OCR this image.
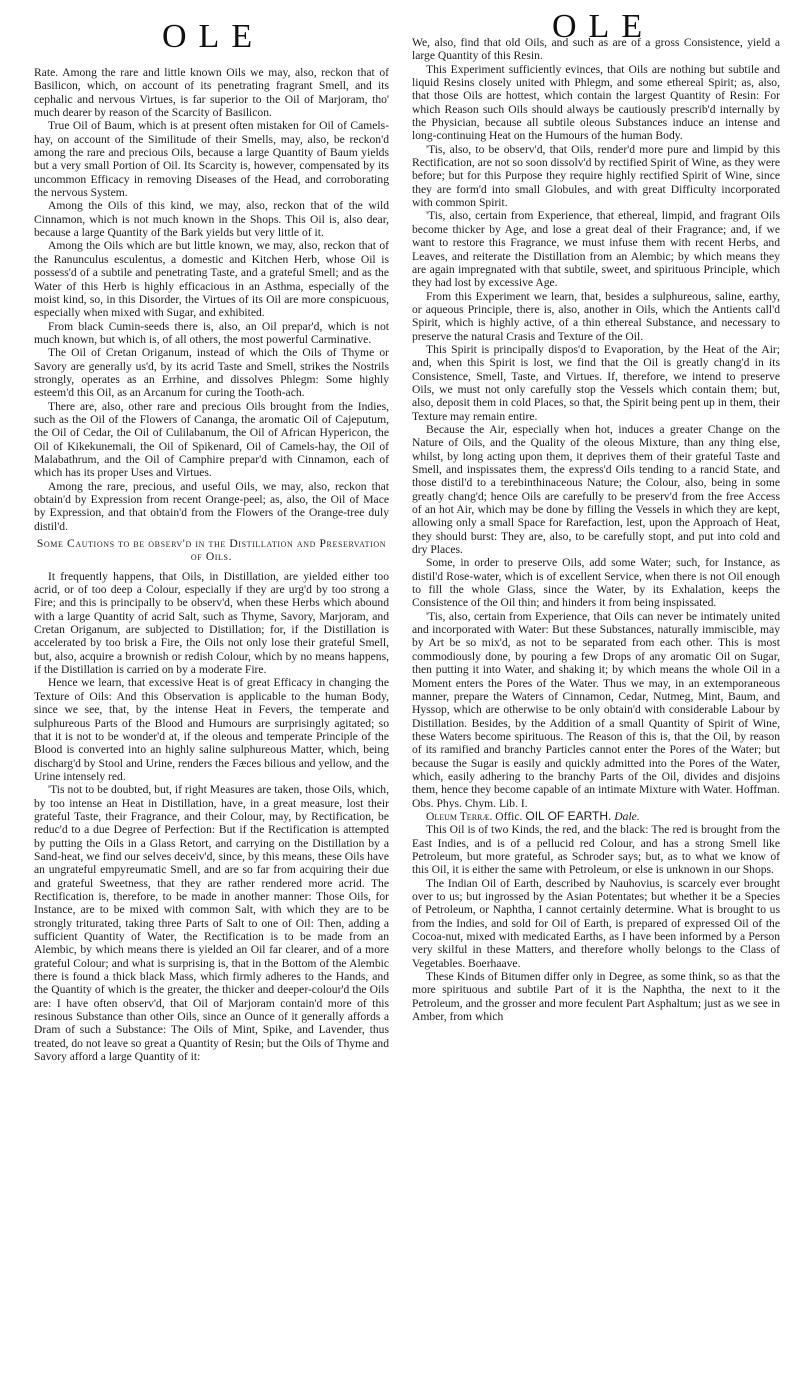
OLE	OLE

Rate. Among the rare and little known Oils we may, also, reckon that of Basilicon, which, on account of its penetrating fragrant Smell, and its cephalic and nervous Virtues, is far superior to the Oil of Marjoram, tho' much dearer by reason of the Scarcity of Basilicon.

True Oil of Baum, which is at present often mistaken for Oil of Camels-hay, on account of the Similitude of their Smells, may, also, be reckon'd among the rare and precious Oils, because a large Quantity of Baum yields but a very small Portion of Oil. Its Scarcity is, however, compensated by its uncommon Efficacy in removing Diseases of the Head, and corroborating the nervous System.

Among the Oils of this kind, we may, also, reckon that of the wild Cinnamon, which is not much known in the Shops. This Oil is, also dear, because a large Quantity of the Bark yields but very little of it.

Among the Oils which are but little known, we may, also, reckon that of the Ranunculus esculentus, a domestic and Kitchen Herb, whose Oil is possess'd of a subtile and penetrating Taste, and a grateful Smell; and as the Water of this Herb is highly efficacious in an Asthma, especially of the moist kind, so, in this Disorder, the Virtues of its Oil are more conspicuous, especially when mixed with Sugar, and exhibited.

From black Cumin-seeds there is, also, an Oil prepar'd, which is not much known, but which is, of all others, the most powerful Carminative.

The Oil of Cretan Origanum, instead of which the Oils of Thyme or Savory are generally us'd, by its acrid Taste and Smell, strikes the Nostrils strongly, operates as an Errhine, and dissolves Phlegm: Some highly esteem'd this Oil, as an Arcanum for curing the Tooth-ach.

There are, also, other rare and precious Oils brought from the Indies, such as the Oil of the Flowers of Cananga, the aromatic Oil of Cajeputum, the Oil of Cedar, the Oil of Culilabanum, the Oil of African Hypericon, the Oil of Kikekunemali, the Oil of Spikenard, Oil of Camels-hay, the Oil of Malabathrum, and the Oil of Camphire prepar'd with Cinnamon, each of which has its proper Uses and Virtues.

Among the rare, precious, and useful Oils, we may, also, reckon that obtain'd by Expression from recent Orange-peel; as, also, the Oil of Mace by Expression, and that obtain'd from the Flowers of the Orange-tree duly distil'd.

Some Cautions to be observ'd in the Distillation and Preservation of Oils.

It frequently happens, that Oils, in Distillation, are yielded either too acrid, or of too deep a Colour, especially if they are urg'd by too strong a Fire; and this is principally to be observ'd, when these Herbs which abound with a large Quantity of acrid Salt, such as Thyme, Savory, Marjoram, and Cretan Origanum, are subjected to Distillation; for, if the Distillation is accelerated by too brisk a Fire, the Oils not only lose their grateful Smell, but, also, acquire a brownish or redish Colour, which by no means happens, if the Distillation is carried on by a moderate Fire.

Hence we learn, that excessive Heat is of great Efficacy in changing the Texture of Oils: And this Observation is applicable to the human Body, since we see, that, by the intense Heat in Fevers, the temperate and sulphureous Parts of the Blood and Humours are surprisingly agitated; so that it is not to be wonder'd at, if the oleous and temperate Principle of the Blood is converted into an highly saline sulphureous Matter, which, being discharg'd by Stool and Urine, renders the Fæces bilious and yellow, and the Urine intensely red.

'Tis not to be doubted, but, if right Measures are taken, those Oils, which, by too intense an Heat in Distillation, have, in a great measure, lost their grateful Taste, their Fragrance, and their Colour, may, by Rectification, be reduc'd to a due Degree of Perfection: But if the Rectification is attempted by putting the Oils in a Glass Retort, and carrying on the Distillation by a Sand-heat, we find our selves deceiv'd, since, by this means, these Oils have an ungrateful empyreumatic Smell, and are so far from acquiring their due and grateful Sweetness, that they are rather rendered more acrid. The Rectification is, therefore, to be made in another manner: Those Oils, for Instance, are to be mixed with common Salt, with which they are to be strongly triturated, taking three Parts of Salt to one of Oil: Then, adding a sufficient Quantity of Water, the Rectification is to be made from an Alembic, by which means there is yielded an Oil far clearer, and of a more grateful Colour; and what is surprising is, that in the Bottom of the Alembic there is found a thick black Mass, which firmly adheres to the Hands, and the Quantity of which is the greater, the thicker and deeper-colour'd the Oils are: I have often observ'd, that Oil of Marjoram contain'd more of this resinous Substance than other Oils, since an Ounce of it generally affords a Dram of such a Substance: The Oils of Mint, Spike, and Lavender, thus treated, do not leave so great a Quantity of Resin; but the Oils of Thyme and Savory afford a large Quantity of it:

We, also, find that old Oils, and such as are of a gross Consistence, yield a large Quantity of this Resin.

This Experiment sufficiently evinces, that Oils are nothing but subtile and liquid Resins closely united with Phlegm, and some ethereal Spirit; as, also, that those Oils are hottest, which contain the largest Quantity of Resin: For which Reason such Oils should always be cautiously prescrib'd internally by the Physician, because all subtile oleous Substances induce an intense and long-continuing Heat on the Humours of the human Body.

'Tis, also, to be observ'd, that Oils, render'd more pure and limpid by this Rectification, are not so soon dissolv'd by rectified Spirit of Wine, as they were before; but for this Purpose they require highly rectified Spirit of Wine, since they are form'd into small Globules, and with great Difficulty incorporated with common Spirit.

'Tis, also, certain from Experience, that ethereal, limpid, and fragrant Oils become thicker by Age, and lose a great deal of their Fragrance; and, if we want to restore this Fragrance, we must infuse them with recent Herbs, and Leaves, and reiterate the Distillation from an Alembic; by which means they are again impregnated with that subtile, sweet, and spirituous Principle, which they had lost by excessive Age.

From this Experiment we learn, that, besides a sulphureous, saline, earthy, or aqueous Principle, there is, also, another in Oils, which the Antients call'd Spirit, which is highly active, of a thin ethereal Substance, and necessary to preserve the natural Crasis and Texture of the Oil.

This Spirit is principally dispos'd to Evaporation, by the Heat of the Air; and, when this Spirit is lost, we find that the Oil is greatly chang'd in its Consistence, Smell, Taste, and Virtues. If, therefore, we intend to preserve Oils, we must not only carefully stop the Vessels which contain them; but, also, deposit them in cold Places, so that, the Spirit being pent up in them, their Texture may remain entire.

Because the Air, especially when hot, induces a greater Change on the Nature of Oils, and the Quality of the oleous Mixture, than any thing else, whilst, by long acting upon them, it deprives them of their grateful Taste and Smell, and inspissates them, the express'd Oils tending to a rancid State, and those distil'd to a terebinthinaceous Nature; the Colour, also, being in some greatly chang'd; hence Oils are carefully to be preserv'd from the free Access of an hot Air, which may be done by filling the Vessels in which they are kept, allowing only a small Space for Rarefaction, lest, upon the Approach of Heat, they should burst: They are, also, to be carefully stopt, and put into cold and dry Places.

Some, in order to preserve Oils, add some Water; such, for Instance, as distil'd Rose-water, which is of excellent Service, when there is not Oil enough to fill the whole Glass, since the Water, by its Exhalation, keeps the Consistence of the Oil thin; and hinders it from being inspissated.

'Tis, also, certain from Experience, that Oils can never be intimately united and incorporated with Water: But these Substances, naturally immiscible, may by Art be so mix'd, as not to be separated from each other. This is most commodiously done, by pouring a few Drops of any aromatic Oil on Sugar, then putting it into Water, and shaking it; by which means the whole Oil in a Moment enters the Pores of the Water. Thus we may, in an extemporaneous manner, prepare the Waters of Cinnamon, Cedar, Nutmeg, Mint, Baum, and Hyssop, which are otherwise to be only obtain'd with considerable Labour by Distillation. Besides, by the Addition of a small Quantity of Spirit of Wine, these Waters become spirituous. The Reason of this is, that the Oil, by reason of its ramified and branchy Particles cannot enter the Pores of the Water; but because the Sugar is easily and quickly admitted into the Pores of the Water, which, easily adhering to the branchy Parts of the Oil, divides and disjoins them, hence they become capable of an intimate Mixture with Water. Hoffman. Obs. Phys. Chym. Lib. I.

Oleum Terræ. Offic. OIL OF EARTH. Dale.

This Oil is of two Kinds, the red, and the black: The red is brought from the East Indies, and is of a pellucid red Colour, and has a strong Smell like Petroleum, but more grateful, as Schroder says; but, as to what we know of this Oil, it is either the same with Petroleum, or else is unknown in our Shops.

The Indian Oil of Earth, described by Nauhovius, is scarcely ever brought over to us; but ingrossed by the Asian Potentates; but whether it be a Species of Petroleum, or Naphtha, I cannot certainly determine. What is brought to us from the Indies, and sold for Oil of Earth, is prepared of expressed Oil of the Cocoa-nut, mixed with medicated Earths, as I have been informed by a Person very skilful in these Matters, and therefore wholly belongs to the Class of Vegetables. Boerhaave.

These Kinds of Bitumen differ only in Degree, as some think, so as that the more spirituous and subtile Part of it is the Naphtha, the next to it the Petroleum, and the grosser and more feculent Part Asphaltum; just as we see in Amber, from which
